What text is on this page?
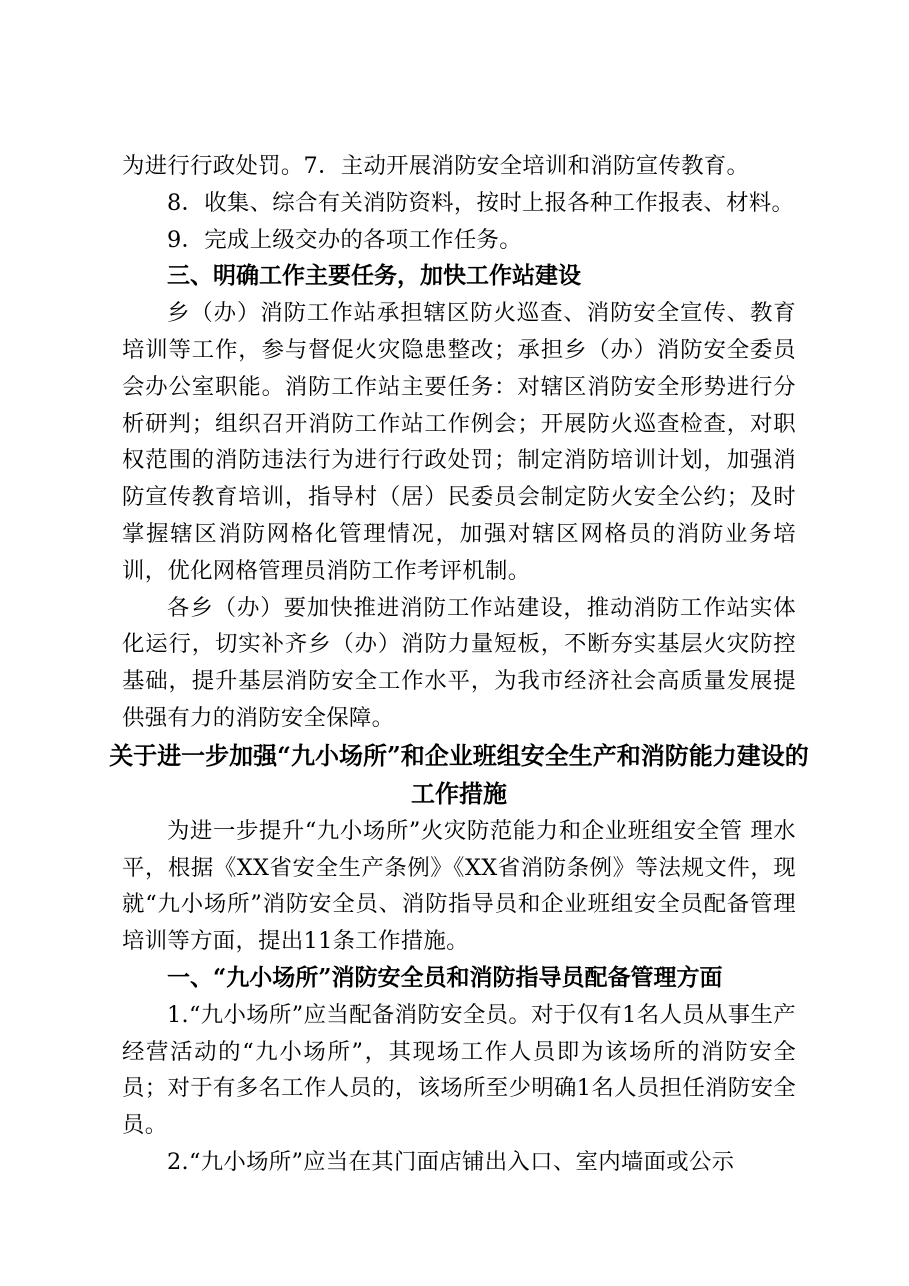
为进行行政处罚。7．主动开展消防安全培训和消防宣传教育。

8．收集、综合有关消防资料，按时上报各种工作报表、材料。

9．完成上级交办的各项工作任务。

三、明确工作主要任务，加快工作站建设

乡（办）消防工作站承担辖区防火巡查、消防安全宣传、教育培训等工作，参与督促火灾隐患整改；承担乡（办）消防安全委员会办公室职能。消防工作站主要任务：对辖区消防安全形势进行分析研判；组织召开消防工作站工作例会；开展防火巡查检查，对职权范围的消防违法行为进行行政处罚；制定消防培训计划，加强消防宣传教育培训，指导村（居）民委员会制定防火安全公约；及时掌握辖区消防网格化管理情况，加强对辖区网格员的消防业务培训，优化网格管理员消防工作考评机制。

各乡（办）要加快推进消防工作站建设，推动消防工作站实体化运行，切实补齐乡（办）消防力量短板，不断夯实基层火灾防控基础，提升基层消防安全工作水平，为我市经济社会高质量发展提供强有力的消防安全保障。

关于进一步加强“九小场所”和企业班组安全生产和消防能力建设的工作措施

为进一步提升“九小场所”火灾防范能力和企业班组安全管 理水平，根据《XX省安全生产条例》《XX省消防条例》等法规文件，现就“九小场所”消防安全员、消防指导员和企业班组安全员配备管理培训等方面，提出11条工作措施。

一、“九小场所”消防安全员和消防指导员配备管理方面

1.“九小场所”应当配备消防安全员。对于仅有1名人员从事生产经营活动的“九小场所”，其现场工作人员即为该场所的消防安全员；对于有多名工作人员的，该场所至少明确1名人员担任消防安全员。

2.“九小场所”应当在其门面店铺出入口、室内墙面或公示
